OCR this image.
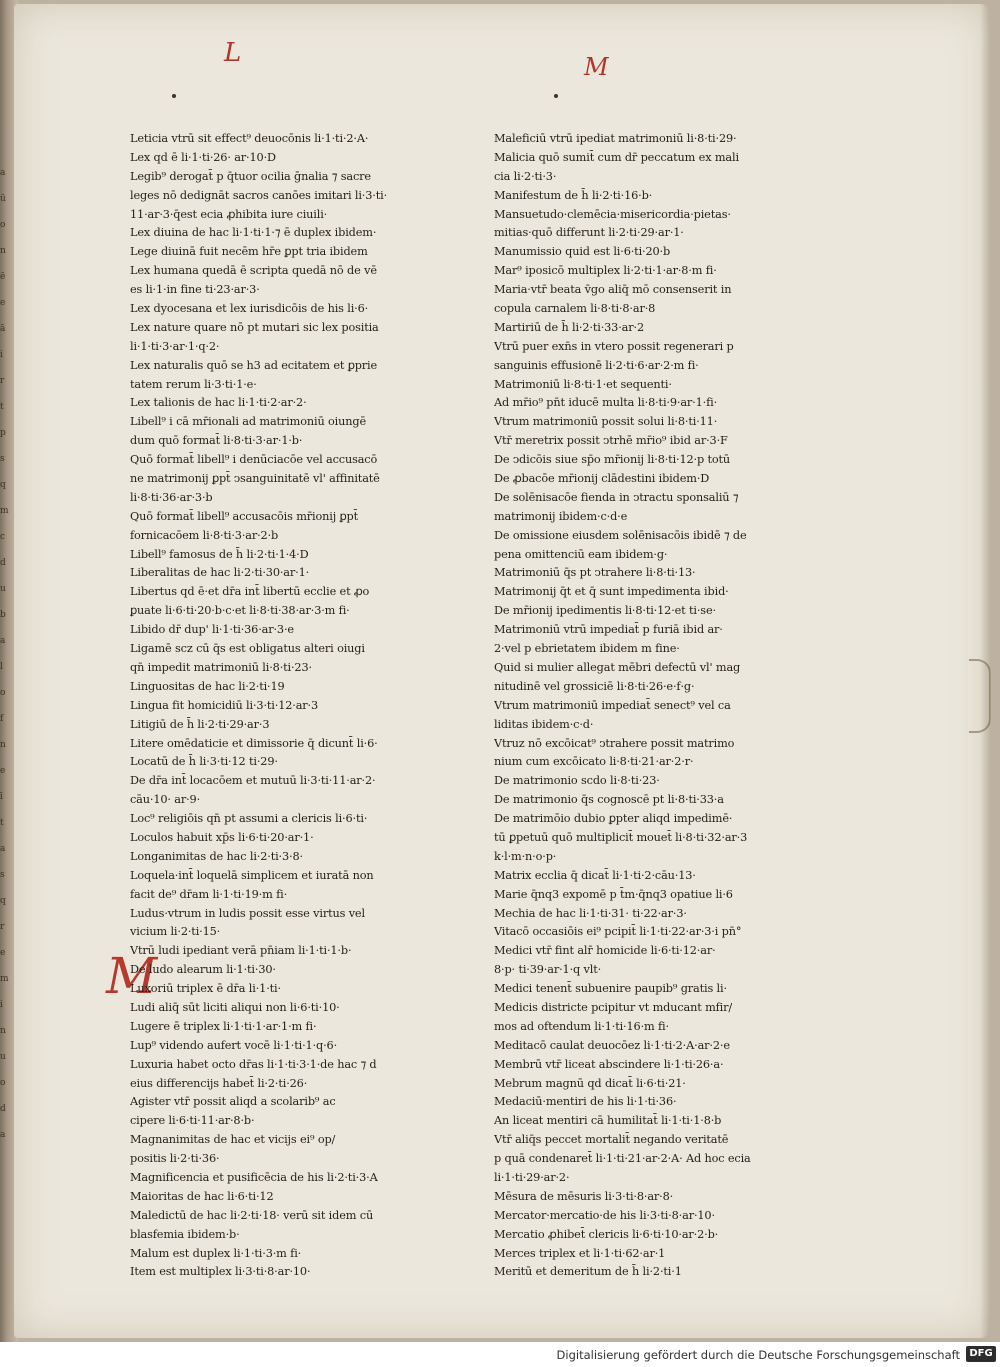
a
ū
o
n
ē
e
ā
i
r
t
p
s
q
m
c
d
u
b
a
l
o
f
n
e
ī
t
a
s
q
r
e
m
i
n
u
o
d
a
L	M
M
Leticia vtrū sit effect⁹ deuocōnis li·1·ti·2·A·
Lex qd ē li·1·ti·26· ar·10·D
Legib⁹ derogat̄ p q̄tuor ocilia ḡnalia ⁊ sacre
leges nō dedignāt sacros canōes imitari li·3·ti·
11·ar·3·q̄est ecia ꝓhibita iure ciuili·
Lex diuina de hac li·1·ti·1·⁊ ē duplex ibidem·
Lege diuinā fuit necēm hr̄e ꝑpt tria ibidem
Lex humana quedā ē scripta quedā nō de vē
es li·1·in fine ti·23·ar·3·
Lex dyocesana et lex iurisdicōis de his li·6·
Lex nature quare nō pt mutari sic lex positia
li·1·ti·3·ar·1·q·2·
Lex naturalis quō se h3 ad ecitatem et ꝑprie
tatem rerum li·3·ti·1·e·
Lex talionis de hac li·1·ti·2·ar·2·
Libell⁹ i cā mr̄ionali ad matrimoniū oiungē
dum quō format̄ li·8·ti·3·ar·1·b·
Quō format̄ libell⁹ i denūciacōe vel accusacō
ne matrimonij ꝑpt̄ ↄsanguinitatē vl' affinitatē
li·8·ti·36·ar·3·b
Quō format̄ libell⁹ accusacōis mr̄ionij ꝑpt̄
fornicacōem li·8·ti·3·ar·2·b
Libell⁹ famosus de h̄ li·2·ti·1·4·D
Liberalitas de hac li·2·ti·30·ar·1·
Libertus qd ē·et dr̄a int̄ libertū ecclie et ꝓo
ꝑuate li·6·ti·20·b·c·et li·8·ti·38·ar·3·m fi·
Libido dr̄ dup' li·1·ti·36·ar·3·e
Ligamē scz cū q̄s est obligatus alteri oiugi
qn̄ impedit matrimoniū li·8·ti·23·
Linguositas de hac li·2·ti·19
Lingua fit homicidiū li·3·ti·12·ar·3
Litigiū de h̄ li·2·ti·29·ar·3
Litere omēdaticie et dimissorie q̄ dicunt̄ li·6·
Locatū de h̄ li·3·ti·12 ti·29·
De dr̄a int̄ locacōem et mutuū li·3·ti·11·ar·2·
cāu·10· ar·9·
Loc⁹ religiōis qn̄ pt assumi a clericis li·6·ti·
Loculos habuit xp̄s li·6·ti·20·ar·1·
Longanimitas de hac li·2·ti·3·8·
Loquela·int̄ loquelā simplicem et iuratā non
facit de⁹ dr̄am li·1·ti·19·m fi·
Ludus·vtrum in ludis possit esse virtus vel
vicium li·2·ti·15·
Vtrū ludi ipediant verā pn̄iam li·1·ti·1·b·
De ludo alearum li·1·ti·30·
Luxoriū triplex ē dr̄a li·1·ti·
Ludi aliq̄ sūt liciti aliqui non li·6·ti·10·
Lugere ē triplex li·1·ti·1·ar·1·m fi·
Lup⁹ videndo aufert vocē li·1·ti·1·q·6·
Luxuria habet octo dr̄as li·1·ti·3·1·de hac ⁊ d
eius differencijs habet̄ li·2·ti·26·
Agister vtr̄ possit aliqd a scolarib⁹ ac
cipere li·6·ti·11·ar·8·b·
Magnanimitas de hac et vicijs ei⁹ op/
positis li·2·ti·36·
Magnificencia et pusificēcia de his li·2·ti·3·A
Maioritas de hac li·6·ti·12
Maledictū de hac li·2·ti·18· verū sit idem cū
blasfemia ibidem·b·
Malum est duplex li·1·ti·3·m fi·
Item est multiplex li·3·ti·8·ar·10·
Maleficiū vtrū ipediat matrimoniū li·8·ti·29·
Malicia quō sumit̄ cum dr̄ peccatum ex mali
cia li·2·ti·3·
Manifestum de h̄ li·2·ti·16·b·
Mansuetudo·clemēcia·misericordia·pietas·
mitias·quō differunt li·2·ti·29·ar·1·
Manumissio quid est li·6·ti·20·b
Mar⁹ iposicō multiplex li·2·ti·1·ar·8·m fi·
Maria·vtr̄ beata v̄go aliq̄ mō consenserit in
copula carnalem li·8·ti·8·ar·8
Martiriū de h̄ li·2·ti·33·ar·2
Vtrū puer exn̄s in vtero possit regenerari p
sanguinis effusionē li·2·ti·6·ar·2·m fi·
Matrimoniū li·8·ti·1·et sequenti·
Ad mr̄io⁹ pn̄t iducē multa li·8·ti·9·ar·1·fi·
Vtrum matrimoniū possit solui li·8·ti·11·
Vtr̄ meretrix possit ↄtrhē mr̄io⁹ ibid ar·3·F
De ↄdicōis siue sp̄o mr̄ionij li·8·ti·12·p totū
De ꝓbacōe mr̄ionij clādestini ibidem·D
De solēnisacōe fienda in ↄtractu sponsaliū ⁊
matrimonij ibidem·c·d·e
De omissione eiusdem solēnisacōis ibidē ⁊ de
pena omittenciū eam ibidem·g·
Matrimoniū q̄s pt ↄtrahere li·8·ti·13·
Matrimonij q̄t et q̄ sunt impedimenta ibid·
De mr̄ionij ipedimentis li·8·ti·12·et ti·se·
Matrimoniū vtrū impediat̄ p furiā ibid ar·
2·vel p ebrietatem ibidem m fine·
Quid si mulier allegat mēbri defectū vl' mag
nitudinē vel grossiciē li·8·ti·26·e·f·g·
Vtrum matrimoniū impediat̄ senect⁹ vel ca
liditas ibidem·c·d·
Vtruz nō excōicat⁹ ↄtrahere possit matrimo
nium cum excōicato li·8·ti·21·ar·2·r·
De matrimonio scdo li·8·ti·23·
De matrimonio q̄s cognoscē pt li·8·ti·33·a
De matrimōio dubio ꝑpter aliqd impedimē·
tū ꝑpetuū quō multiplicit̄ mouet̄ li·8·ti·32·ar·3
k·l·m·n·o·p·
Matrix ecclia q̄ dicat̄ li·1·ti·2·cāu·13·
Marie q̄nq3 expomē p t̄m·q̄nq3 opatiue li·6
Mechia de hac li·1·ti·31· ti·22·ar·3·
Vitacō occasiōis ei⁹ pcipit̄ li·1·ti·22·ar·3·i pn̄°
Medici vtr̄ fint alr̄ homicide li·6·ti·12·ar·
8·p· ti·39·ar·1·q vlt·
Medici tenent̄ subuenire paupib⁹ gratis li·
Medicis districte pcipitur vt mducant mfir/
mos ad oftendum li·1·ti·16·m fi·
Meditacō caulat deuocōez li·1·ti·2·A·ar·2·e
Membrū vtr̄ liceat abscindere li·1·ti·26·a·
Mebrum magnū qd dicat̄ li·6·ti·21·
Medaciū·mentiri de his li·1·ti·36·
An liceat mentiri cā humilitat̄ li·1·ti·1·8·b
Vtr̄ aliq̄s peccet mortalit̄ negando veritatē
p quā condenaret̄ li·1·ti·21·ar·2·A· Ad hoc ecia
li·1·ti·29·ar·2·
Mēsura de mēsuris li·3·ti·8·ar·8·
Mercator·mercatio·de his li·3·ti·8·ar·10·
Mercatio ꝓhibet̄ clericis li·6·ti·10·ar·2·b·
Merces triplex et li·1·ti·62·ar·1
Meritū et demeritum de h̄ li·2·ti·1
Digitalisierung gefördert durch die Deutsche Forschungsgemeinschaft DFG
